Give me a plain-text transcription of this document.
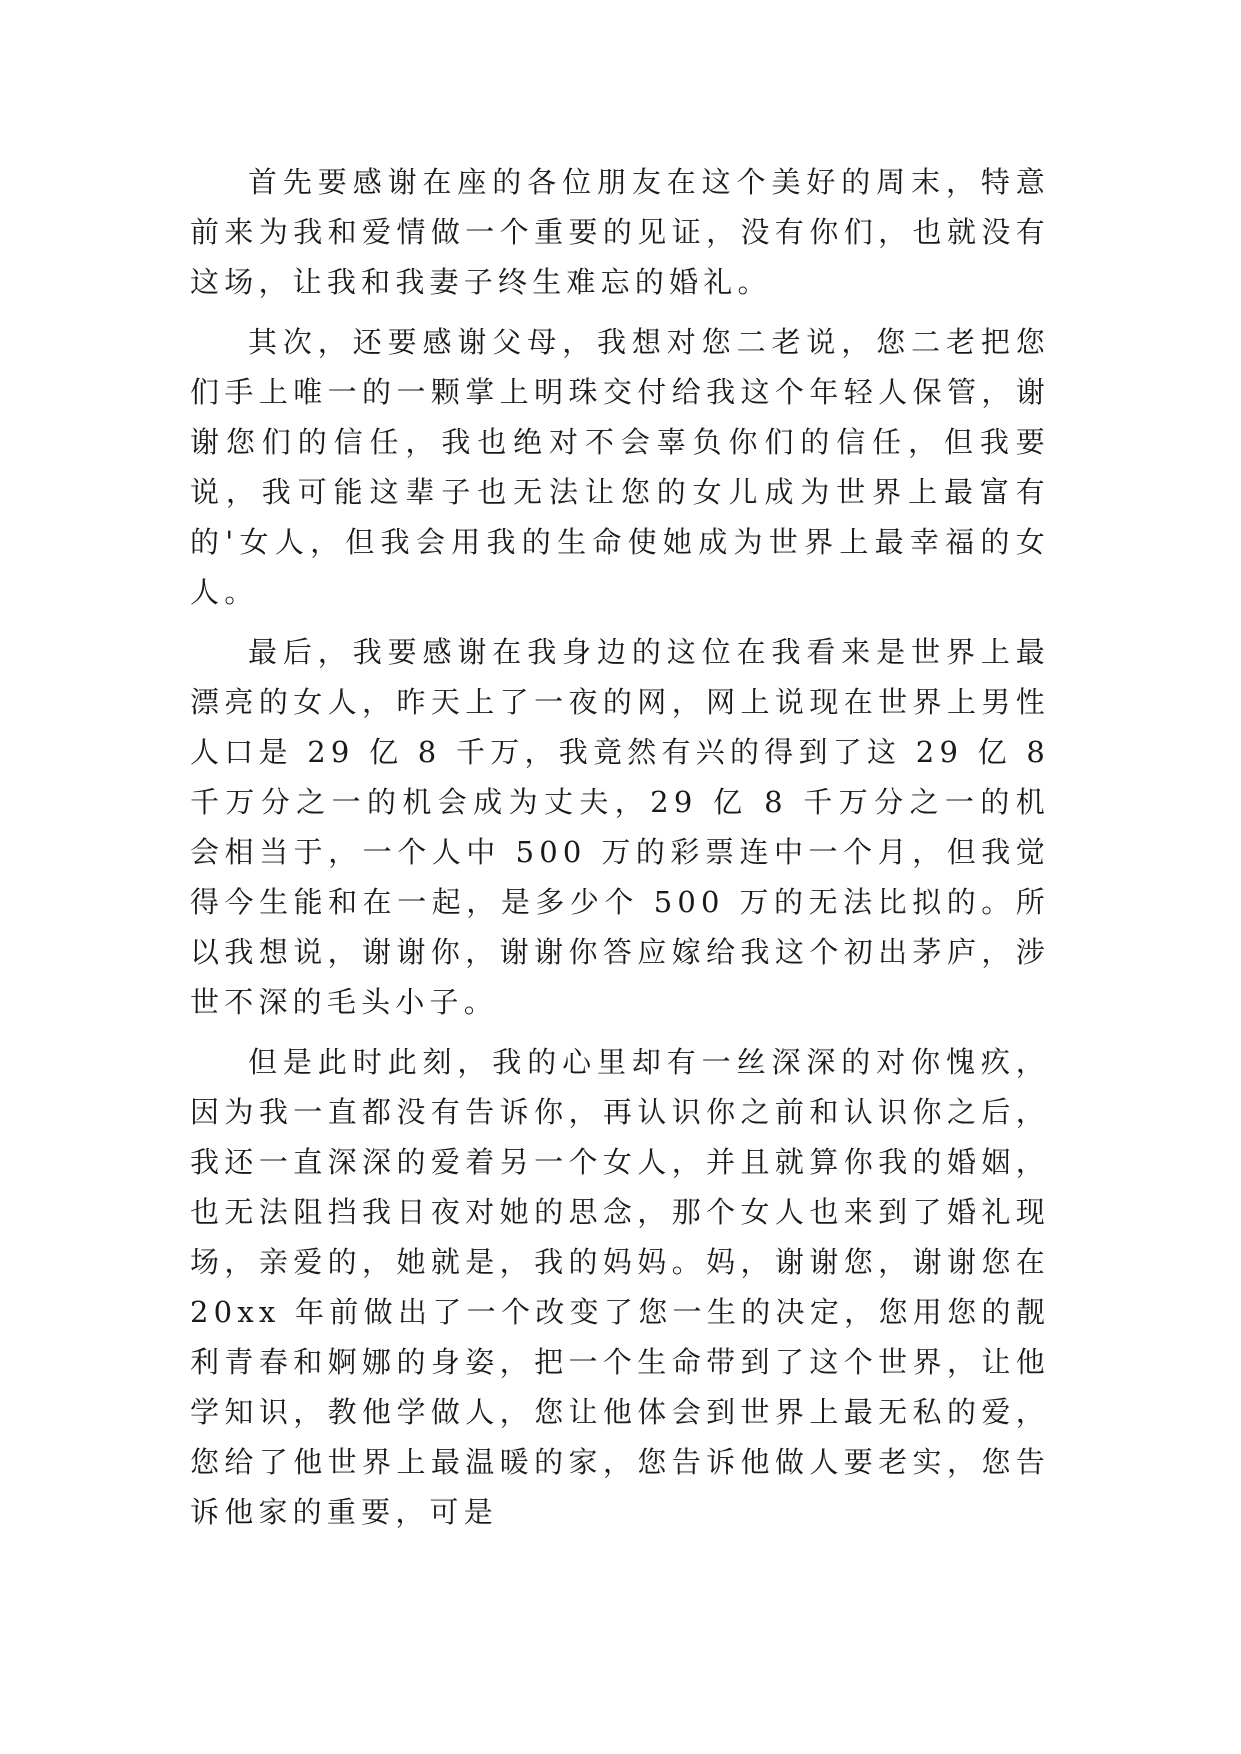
首先要感谢在座的各位朋友在这个美好的周末，特意前来为我和爱情做一个重要的见证，没有你们，也就没有这场，让我和我妻子终生难忘的婚礼。

其次，还要感谢父母，我想对您二老说，您二老把您们手上唯一的一颗掌上明珠交付给我这个年轻人保管，谢谢您们的信任，我也绝对不会辜负你们的信任，但我要说，我可能这辈子也无法让您的女儿成为世界上最富有的'女人，但我会用我的生命使她成为世界上最幸福的女人。

最后，我要感谢在我身边的这位在我看来是世界上最漂亮的女人，昨天上了一夜的网，网上说现在世界上男性人口是 29 亿 8 千万，我竟然有兴的得到了这 29 亿 8 千万分之一的机会成为丈夫，29 亿 8 千万分之一的机会相当于，一个人中 500 万的彩票连中一个月，但我觉得今生能和在一起，是多少个 500 万的无法比拟的。所以我想说，谢谢你，谢谢你答应嫁给我这个初出茅庐，涉世不深的毛头小子。

但是此时此刻，我的心里却有一丝深深的对你愧疚，因为我一直都没有告诉你，再认识你之前和认识你之后，我还一直深深的爱着另一个女人，并且就算你我的婚姻，也无法阻挡我日夜对她的思念，那个女人也来到了婚礼现场，亲爱的，她就是，我的妈妈。妈，谢谢您，谢谢您在 20xx 年前做出了一个改变了您一生的决定，您用您的靓利青春和婀娜的身姿，把一个生命带到了这个世界，让他学知识，教他学做人，您让他体会到世界上最无私的爱，您给了他世界上最温暖的家，您告诉他做人要老实，您告诉他家的重要，可是
